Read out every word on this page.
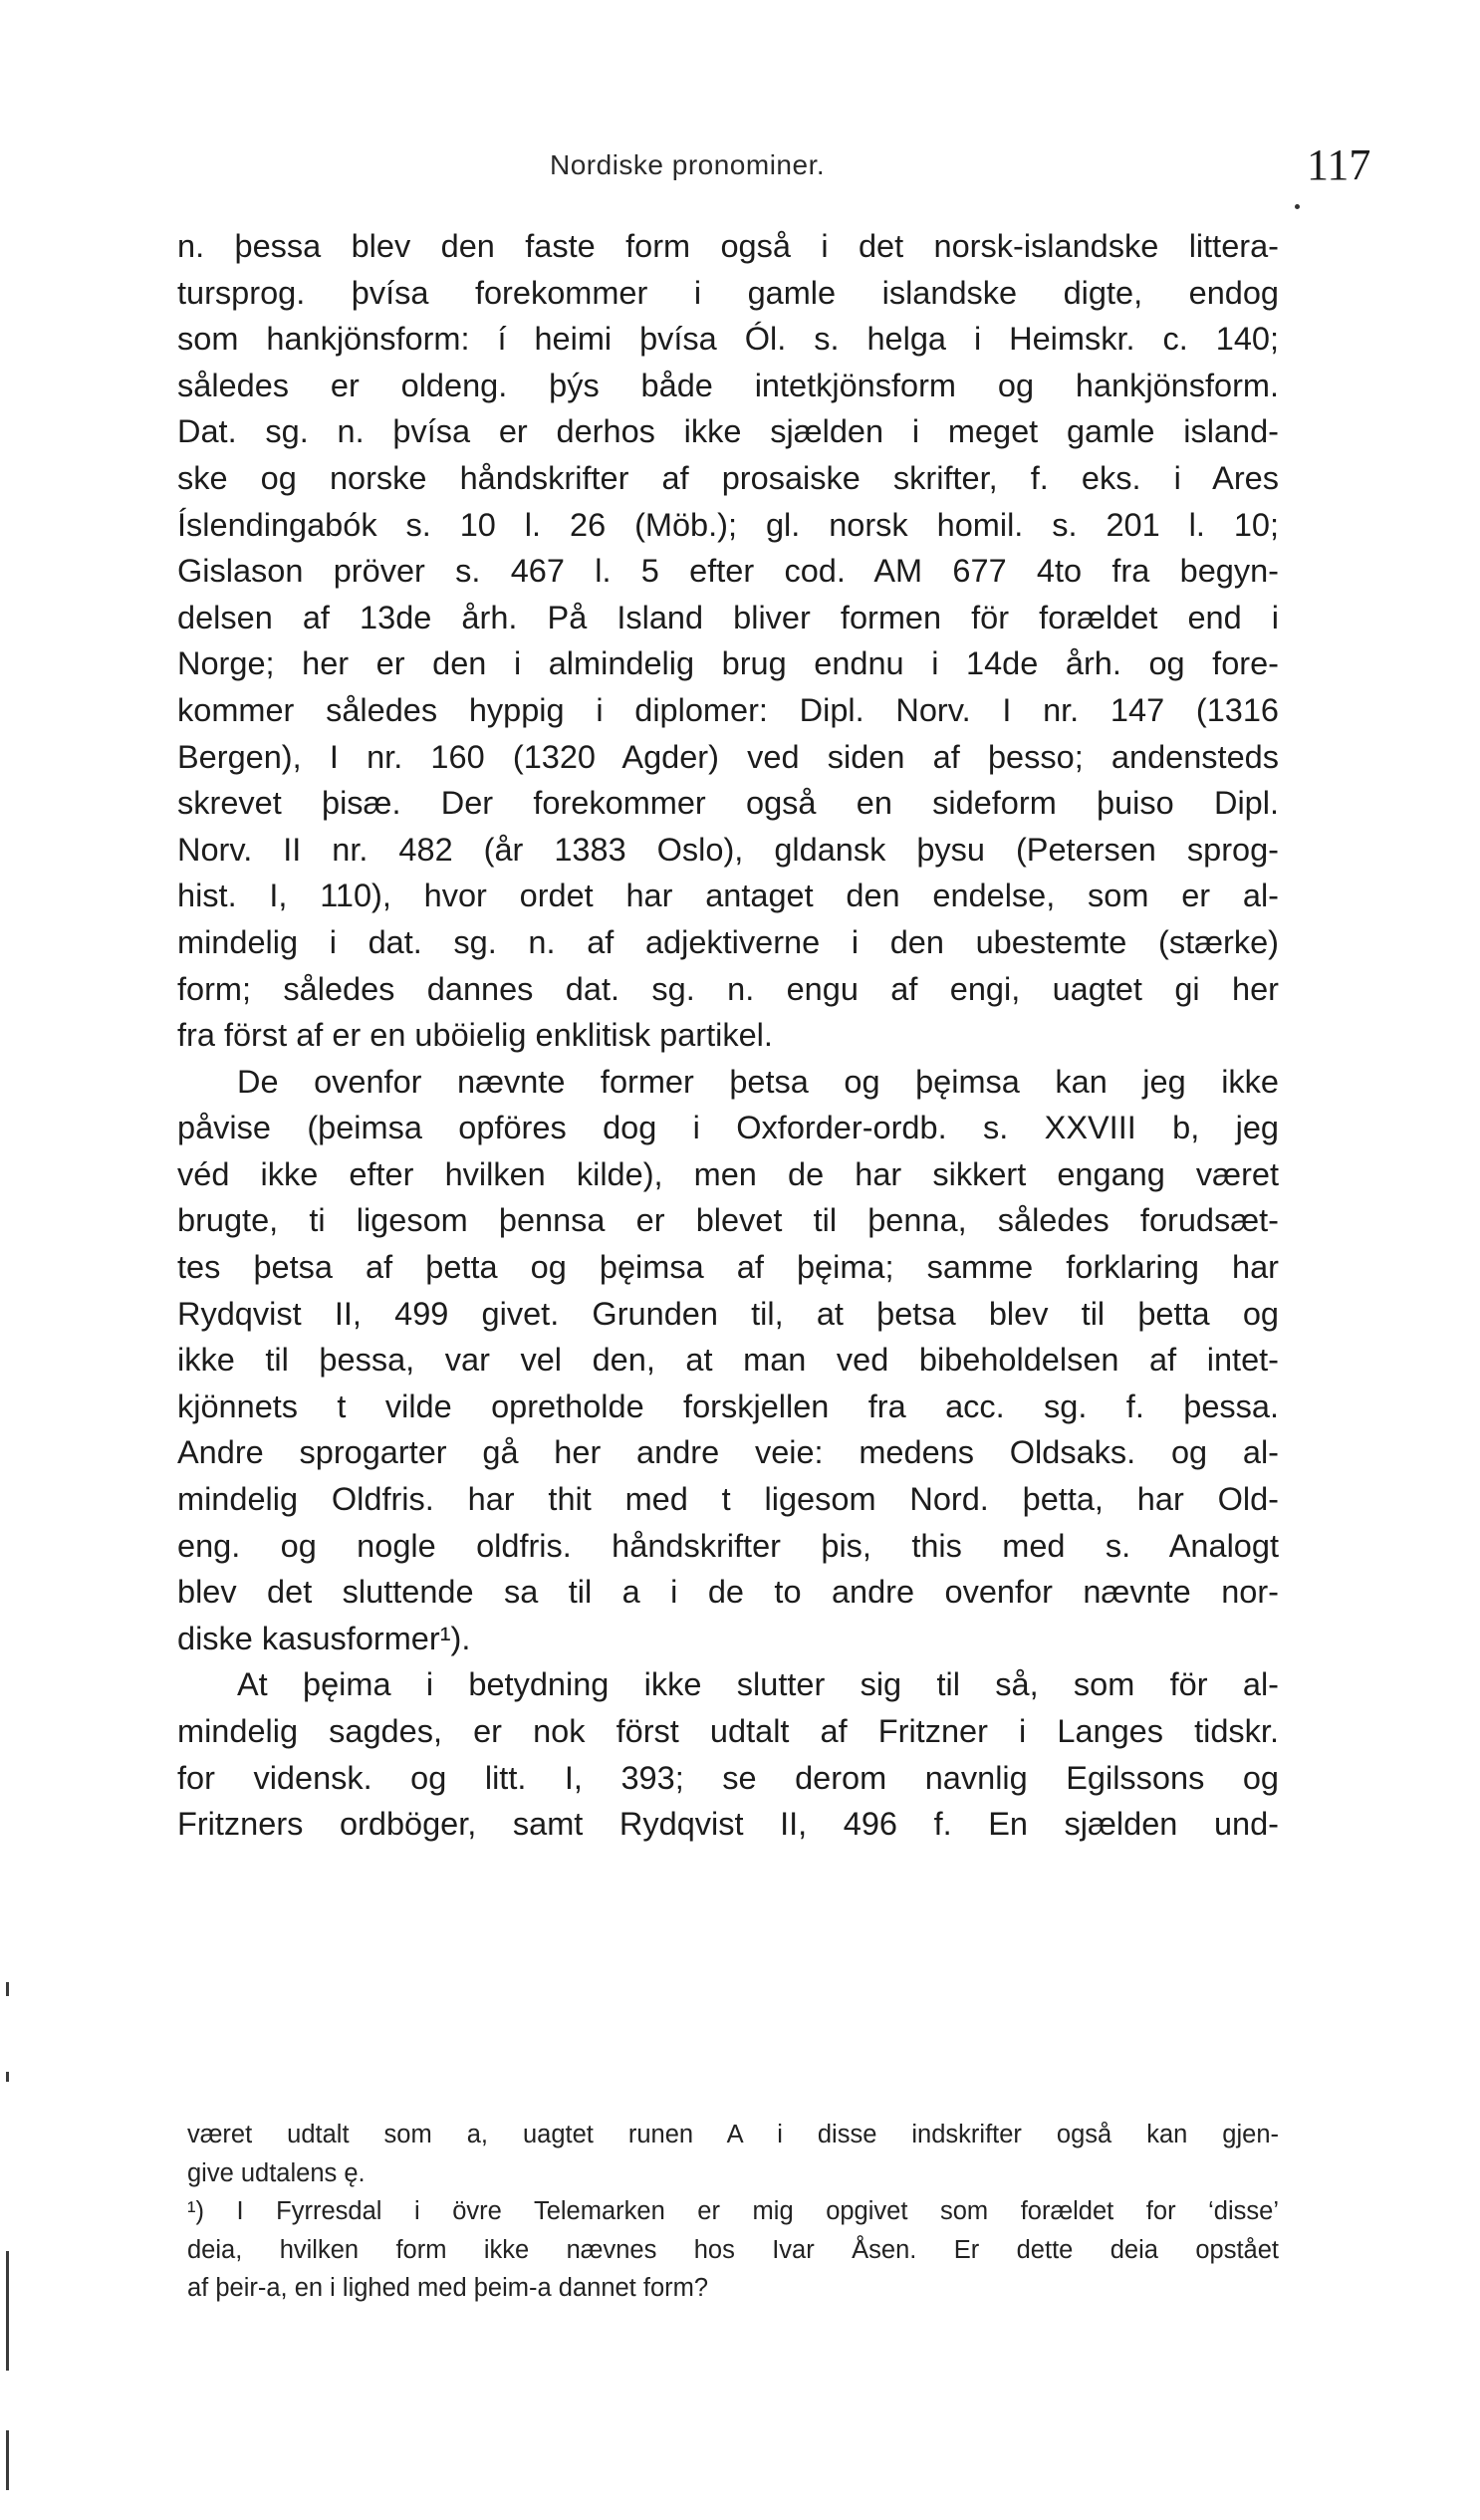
Nordiske pronominer.	117
n. þessa blev den faste form også i det norsk-islandske littera-
tursprog. þvísa forekommer i gamle islandske digte, endog
som hankjönsform: í heimi þvísa Ól. s. helga i Heimskr. c. 140;
således er oldeng. þýs både intetkjönsform og hankjönsform.
Dat. sg. n. þvísa er derhos ikke sjælden i meget gamle island-
ske og norske håndskrifter af prosaiske skrifter, f. eks. i Ares
Íslendingabók s. 10 l. 26 (Möb.); gl. norsk homil. s. 201 l. 10;
Gislason pröver s. 467 l. 5 efter cod. AM 677 4to fra begyn-
delsen af 13de årh. På Island bliver formen för forældet end i
Norge; her er den i almindelig brug endnu i 14de årh. og fore-
kommer således hyppig i diplomer: Dipl. Norv. I nr. 147 (1316
Bergen), I nr. 160 (1320 Agder) ved siden af þesso; andensteds
skrevet þisæ. Der forekommer også en sideform þuiso Dipl.
Norv. II nr. 482 (år 1383 Oslo), gldansk þysu (Petersen sprog-
hist. I, 110), hvor ordet har antaget den endelse, som er al-
mindelig i dat. sg. n. af adjektiverne i den ubestemte (stærke)
form; således dannes dat. sg. n. engu af engi, uagtet gi her
fra först af er en uböielig enklitisk partikel.
De ovenfor nævnte former þetsa og þęimsa kan jeg ikke
påvise (þeimsa opföres dog i Oxforder-ordb. s. XXVIII b, jeg
véd ikke efter hvilken kilde), men de har sikkert engang været
brugte, ti ligesom þennsa er blevet til þenna, således forudsæt-
tes þetsa af þetta og þęimsa af þęima; samme forklaring har
Rydqvist II, 499 givet. Grunden til, at þetsa blev til þetta og
ikke til þessa, var vel den, at man ved bibeholdelsen af intet-
kjönnets t vilde opretholde forskjellen fra acc. sg. f. þessa.
Andre sprogarter gå her andre veie: medens Oldsaks. og al-
mindelig Oldfris. har thit med t ligesom Nord. þetta, har Old-
eng. og nogle oldfris. håndskrifter þis, this med s. Analogt
blev det sluttende sa til a i de to andre ovenfor nævnte nor-
diske kasusformer¹).
At þęima i betydning ikke slutter sig til så, som för al-
mindelig sagdes, er nok först udtalt af Fritzner i Langes tidskr.
for vidensk. og litt. I, 393; se derom navnlig Egilssons og
Fritzners ordböger, samt Rydqvist II, 496 f. En sjælden und-
været udtalt som a, uagtet runen A i disse indskrifter også kan gjen-
give udtalens ę.
¹) I Fyrresdal i övre Telemarken er mig opgivet som forældet for ‘disse’
deia, hvilken form ikke nævnes hos Ivar Åsen. Er dette deia opstået
af þeir-a, en i lighed med þeim-a dannet form?
